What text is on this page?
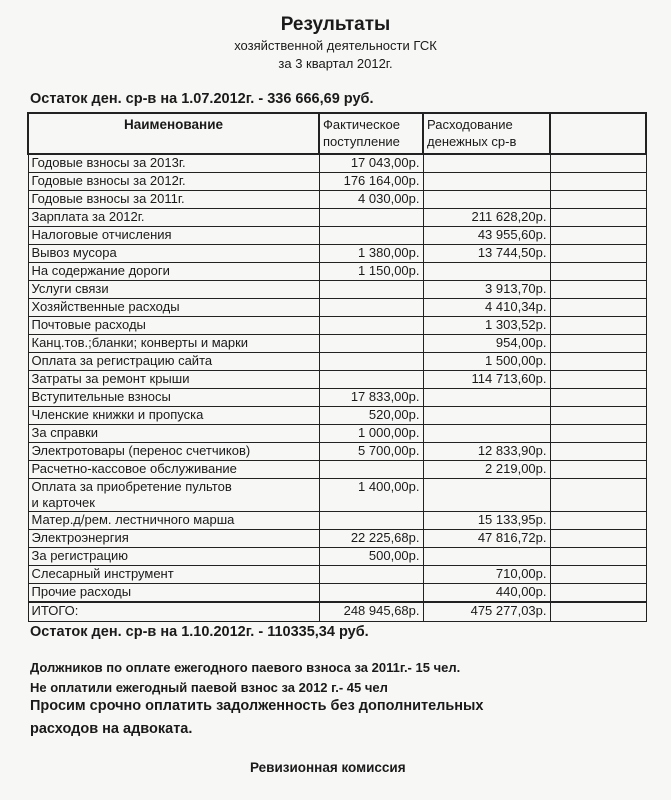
Результаты
хозяйственной деятельности ГСК
за 3 квартал 2012г.
Остаток ден. ср-в на 1.07.2012г. - 336 666,69 руб.
Наименование	Фактическое поступление	Расходование денежных ср-в	

Годовые взносы за 2013г.	17 043,00р.		

Годовые взносы за 2012г.	176 164,00р.		

Годовые взносы за 2011г.	4 030,00р.		

Зарплата за 2012г.		211 628,20р.	

Налоговые отчисления		43 955,60р.	

Вывоз мусора	1 380,00р.	13 744,50р.	

На содержание дороги	1 150,00р.		

Услуги связи		3 913,70р.	

Хозяйственные расходы		4 410,34р.	

Почтовые расходы		1 303,52р.	

Канц.тов.;бланки; конверты и марки		954,00р.	

Оплата за регистрацию сайта		1 500,00р.	

Затраты за ремонт крыши		114 713,60р.	

Вступительные взносы	17 833,00р.		

Членские книжки и пропуска	520,00р.		

За справки	1 000,00р.		

Электротовары (перенос счетчиков)	5 700,00р.	12 833,90р.	

Расчетно-кассовое обслуживание		2 219,00р.	

Оплата за приобретение пультов
и карточек	1 400,00р.		

Матер.д/рем. лестничного марша		15 133,95р.	

Электроэнергия	22 225,68р.	47 816,72р.	

За регистрацию	500,00р.		

Слесарный инструмент		710,00р.	

Прочие расходы		440,00р.	
ИТОГО:	248 945,68р.	475 277,03р.	
Остаток ден. ср-в на 1.10.2012г. - 110335,34 руб.
Должников по оплате ежегодного паевого взноса за 2011г.- 15 чел.
Не оплатили ежегодный паевой взнос за 2012 г.- 45 чел
Просим срочно оплатить задолженность без дополнительных
расходов на адвоката.
Ревизионная комиссия
